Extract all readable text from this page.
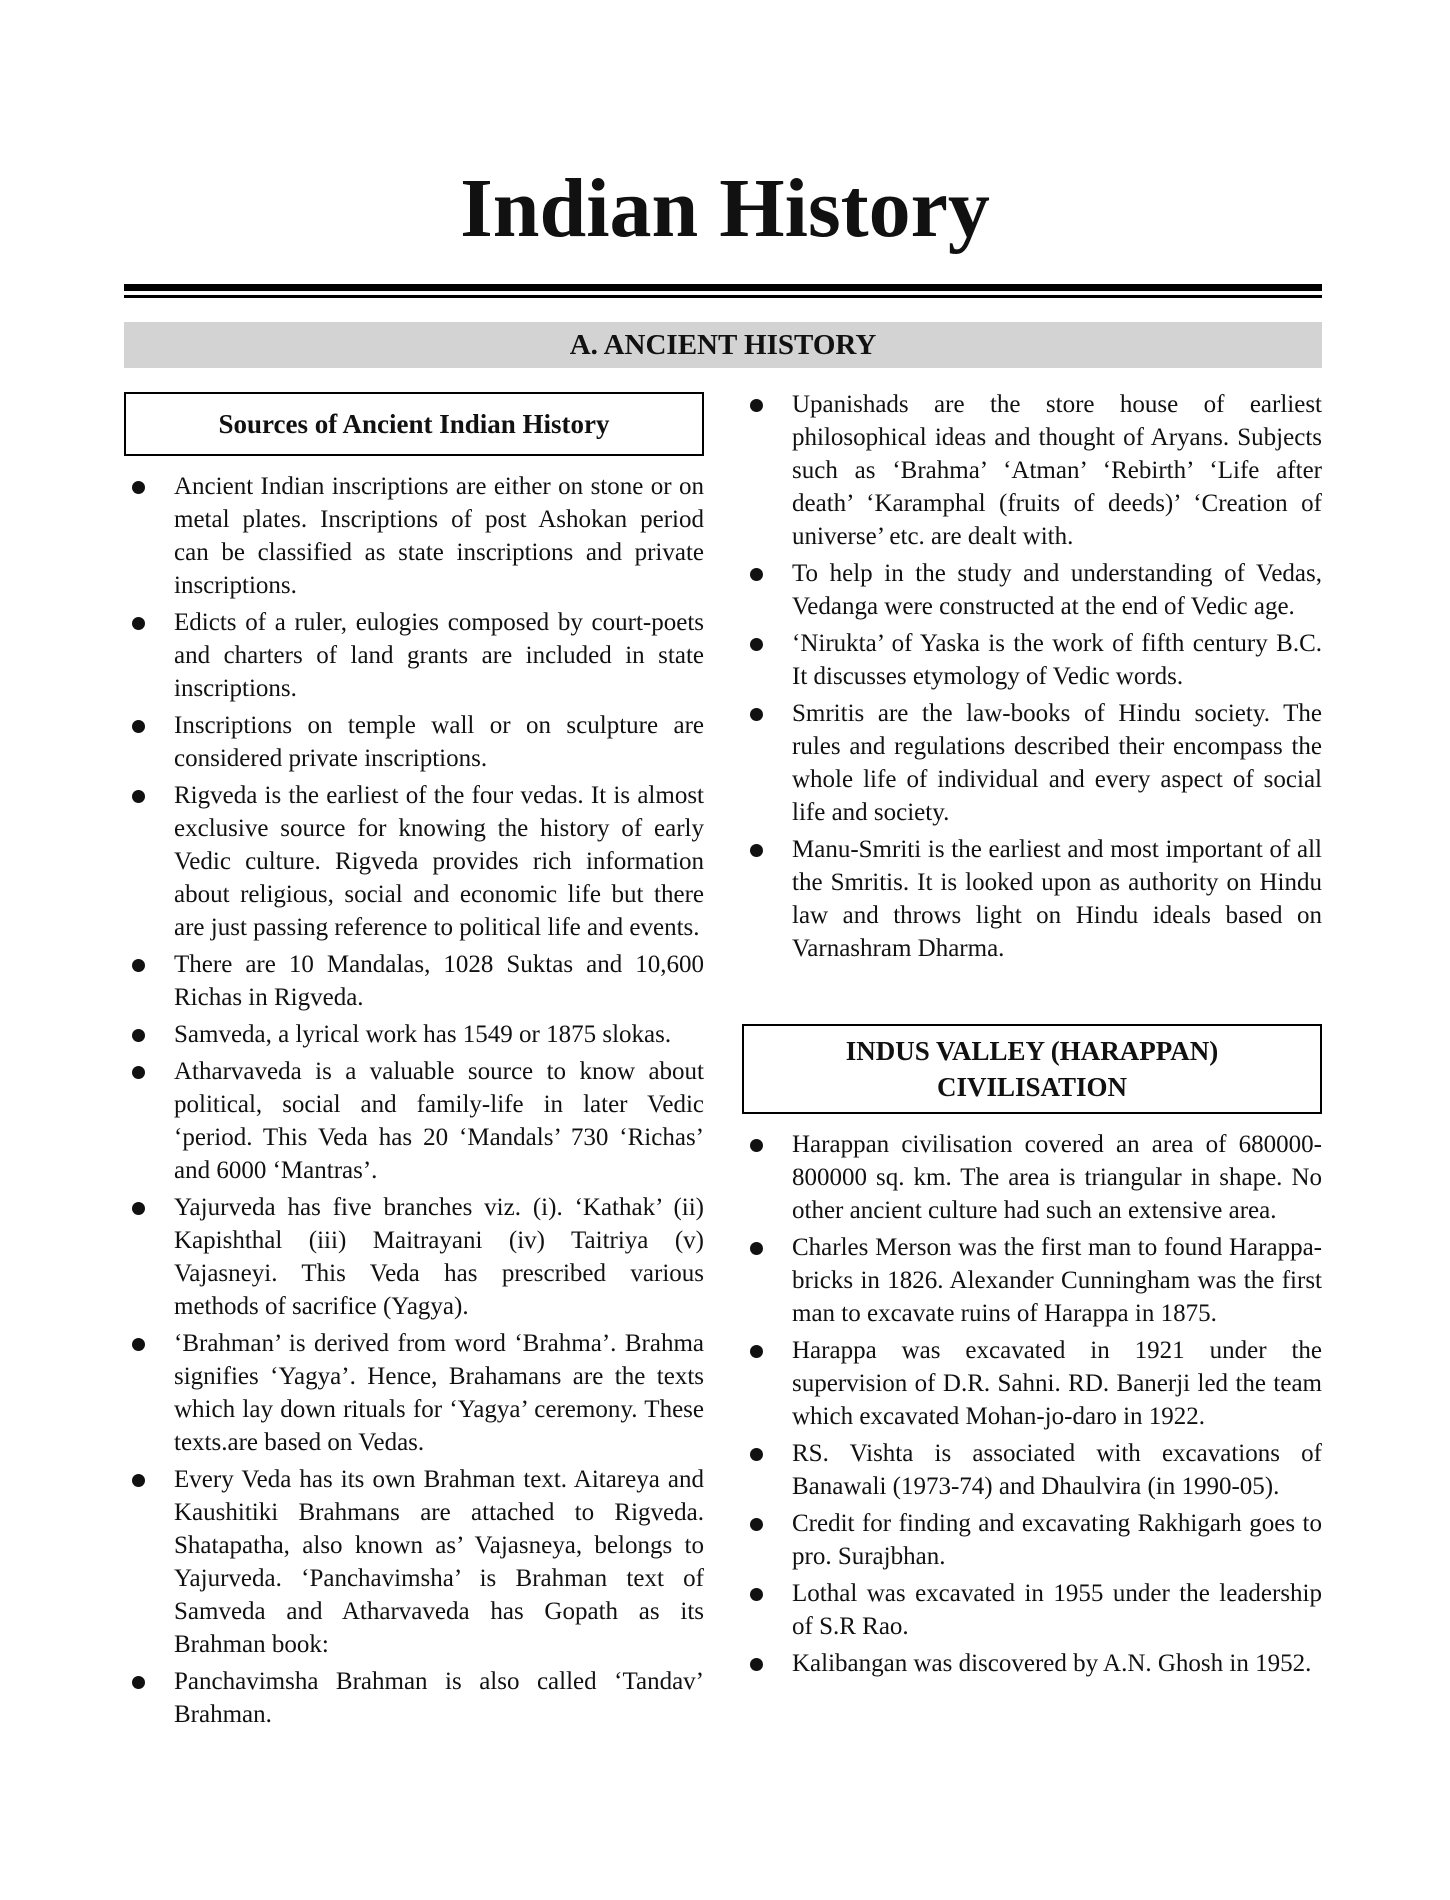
Indian History
A. ANCIENT HISTORY
Sources of Ancient Indian History
Ancient Indian inscriptions are either on stone or on metal plates. Inscriptions of post Ashokan period can be classified as state inscriptions and private inscriptions.
Edicts of a ruler, eulogies composed by court-poets and charters of land grants are included in state inscriptions.
Inscriptions on temple wall or on sculpture are considered private inscriptions.
Rigveda is the earliest of the four vedas. It is almost exclusive source for knowing the history of early Vedic culture. Rigveda provides rich information about religious, social and economic life but there are just passing reference to political life and events.
There are 10 Mandalas, 1028 Suktas and 10,600 Richas in Rigveda.
Samveda, a lyrical work has 1549 or 1875 slokas.
Atharvaveda is a valuable source to know about political, social and family-life in later Vedic ‘period. This Veda has 20 ‘Mandals’ 730 ‘Richas’ and 6000 ‘Mantras’.
Yajurveda has five branches viz. (i). ‘Kathak’ (ii) Kapishthal (iii) Maitrayani (iv) Taitriya (v) Vajasneyi. This Veda has prescribed various methods of sacrifice (Yagya).
‘Brahman’ is derived from word ‘Brahma’. Brahma signifies ‘Yagya’. Hence, Brahamans are the texts which lay down rituals for ‘Yagya’ ceremony. These texts.are based on Vedas.
Every Veda has its own Brahman text. Aitareya and Kaushitiki Brahmans are attached to Rigveda. Shatapatha, also known as’ Vajasneya, belongs to Yajurveda. ‘Panchavimsha’ is Brahman text of Samveda and Atharvaveda has Gopath as its Brahman book:
Panchavimsha Brahman is also called ‘Tandav’ Brahman.
Upanishads are the store house of earliest philosophical ideas and thought of Aryans. Subjects such as ‘Brahma’ ‘Atman’ ‘Rebirth’ ‘Life after death’ ‘Karamphal (fruits of deeds)’ ‘Creation of universe’ etc. are dealt with.
To help in the study and understanding of Vedas, Vedanga were constructed at the end of Vedic age.
‘Nirukta’ of Yaska is the work of fifth century B.C. It discusses etymology of Vedic words.
Smritis are the law-books of Hindu society. The rules and regulations described their encompass the whole life of individual and every aspect of social life and society.
Manu-Smriti is the earliest and most important of all the Smritis. It is looked upon as authority on Hindu law and throws light on Hindu ideals based on Varnashram Dharma.
INDUS VALLEY (HARAPPAN)
CIVILISATION
Harappan civilisation covered an area of 680000-800000 sq. km. The area is triangular in shape. No other ancient culture had such an extensive area.
Charles Merson was the first man to found Harappa-bricks in 1826. Alexander Cunningham was the first man to excavate ruins of Harappa in 1875.
Harappa was excavated in 1921 under the supervision of D.R. Sahni. RD. Banerji led the team which excavated Mohan-jo-daro in 1922.
RS. Vishta is associated with excavations of Banawali (1973-74) and Dhaulvira (in 1990-05).
Credit for finding and excavating Rakhigarh goes to pro. Surajbhan.
Lothal was excavated in 1955 under the leadership of S.R Rao.
Kalibangan was discovered by A.N. Ghosh in 1952.
